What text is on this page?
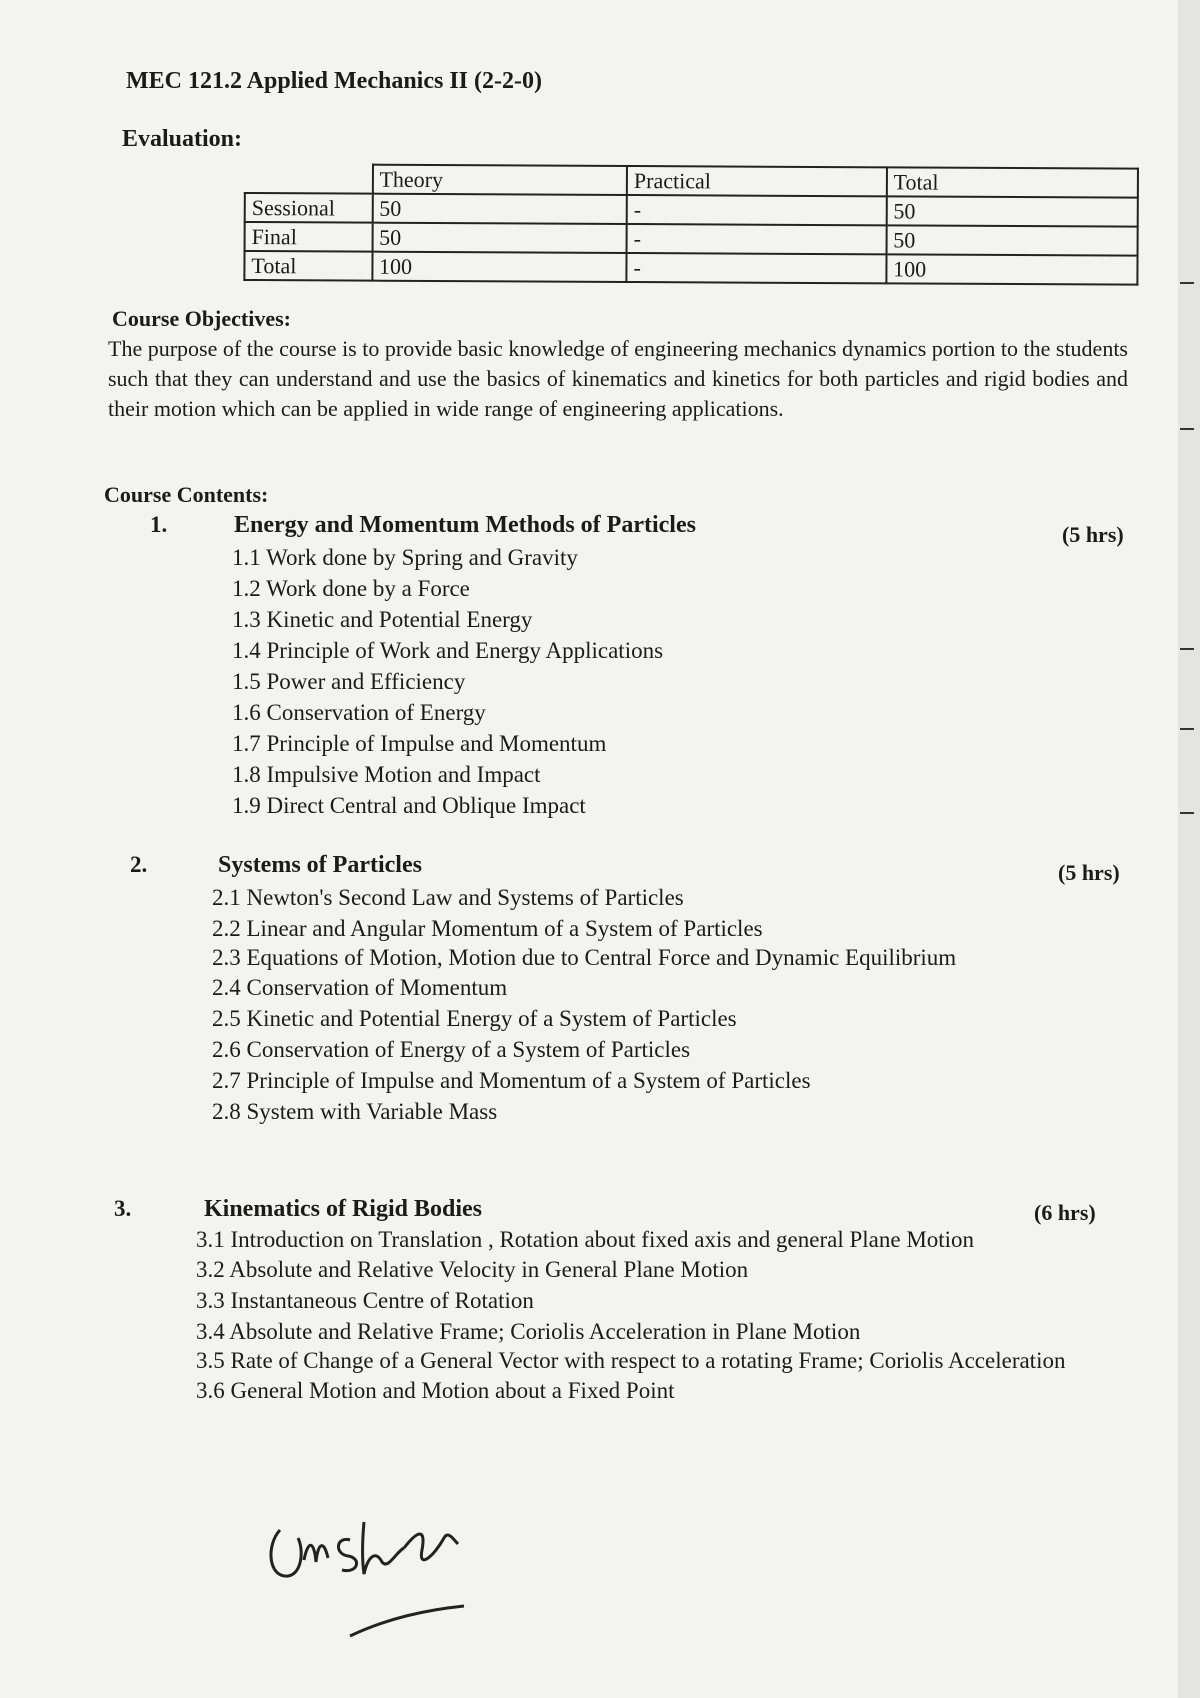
MEC 121.2 Applied Mechanics II (2-2-0)
Evaluation:
	Theory	Practical	Total
Sessional	50	-	50
Final	50	-	50
Total	100	-	100
Course Objectives:

The purpose of the course is to provide basic knowledge of engineering mechanics dynamics portion to the students such that they can understand and use the basics of kinematics and kinetics for both particles and rigid bodies and their motion which can be applied in wide range of engineering applications.

Course Contents:
1.	Energy and Momentum Methods of Particles	(5 hrs)
1.1 Work done by Spring and Gravity
1.2 Work done by a Force
1.3 Kinetic and Potential Energy
1.4 Principle of Work and Energy Applications
1.5 Power and Efficiency
1.6 Conservation of Energy
1.7 Principle of Impulse and Momentum
1.8 Impulsive Motion and Impact
1.9 Direct Central and Oblique Impact
2.	Systems of Particles	(5 hrs)
2.1 Newton's Second Law and Systems of Particles
2.2 Linear and Angular Momentum of a System of Particles
2.3 Equations of Motion, Motion due to Central Force and Dynamic Equilibrium
2.4 Conservation of Momentum
2.5 Kinetic and Potential Energy of a System of Particles
2.6 Conservation of Energy of a System of Particles
2.7 Principle of Impulse and Momentum of a System of Particles
2.8 System with Variable Mass
3.	Kinematics of Rigid Bodies	(6 hrs)
3.1 Introduction on Translation , Rotation about fixed axis and general Plane Motion
3.2 Absolute and Relative Velocity in General Plane Motion
3.3 Instantaneous Centre of Rotation
3.4 Absolute and Relative Frame; Coriolis Acceleration in Plane Motion
3.5 Rate of Change of a General Vector with respect to a rotating Frame; Coriolis Acceleration
3.6 General Motion and Motion about a Fixed Point
